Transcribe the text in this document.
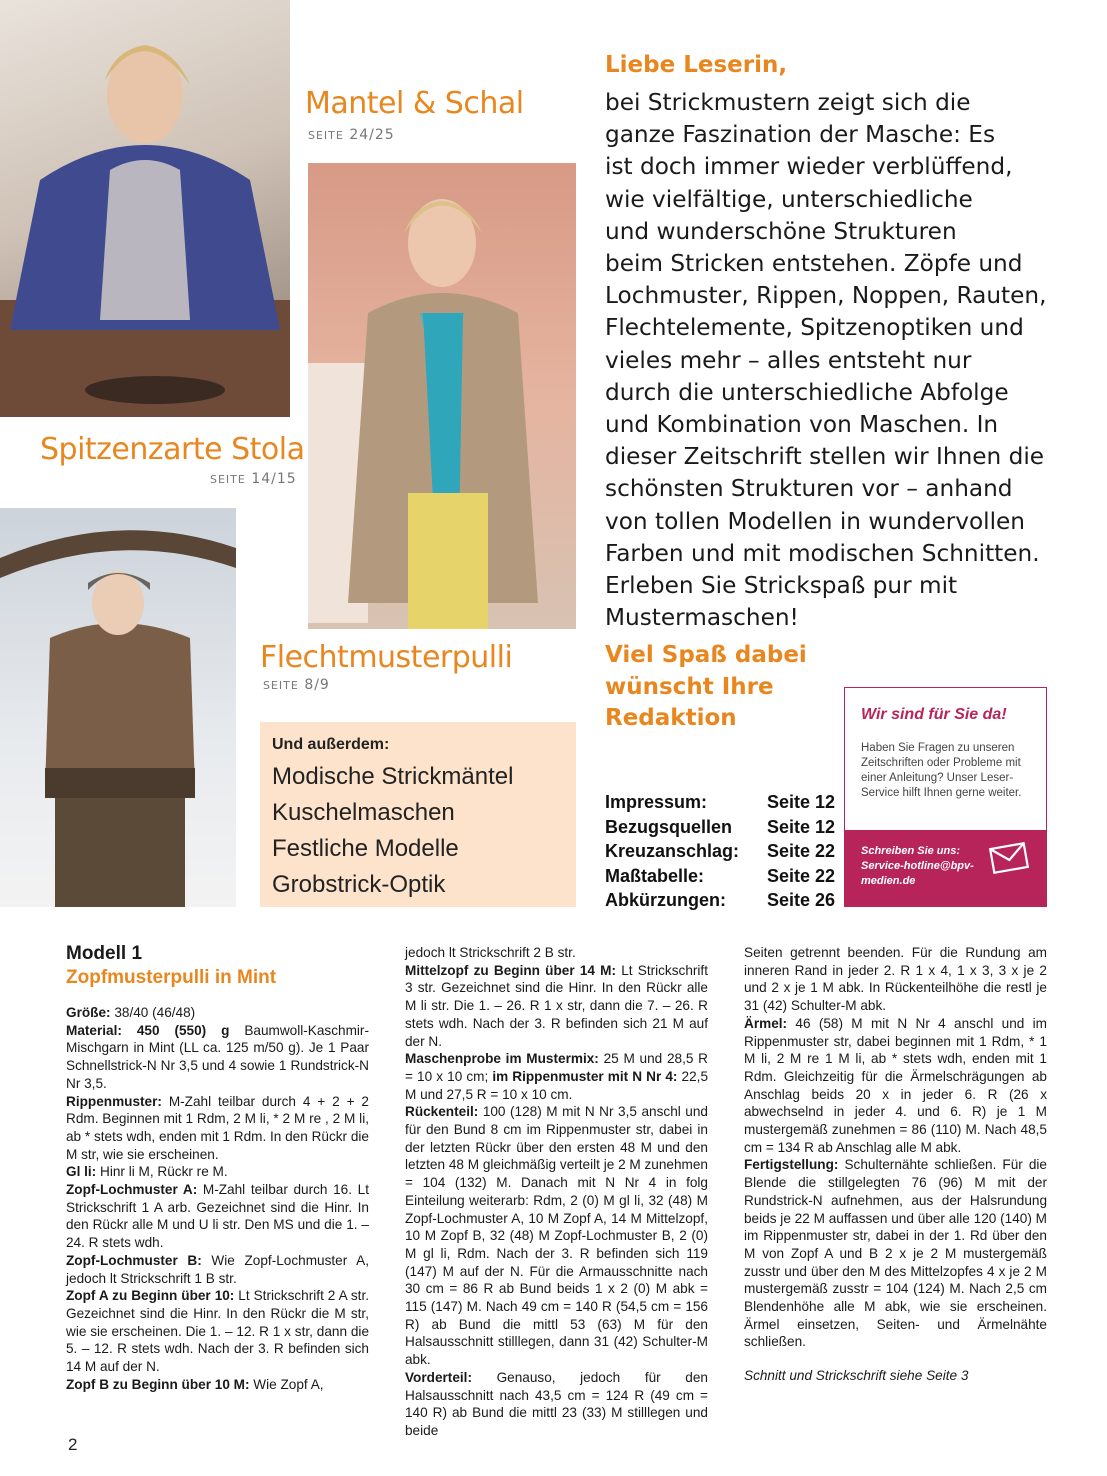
Mantel & Schal
SEITE 24/25
Spitzenzarte Stola
SEITE 14/15
Flechtmusterpulli
SEITE 8/9
Liebe Leserin,
bei Strickmustern zeigt sich die
ganze Faszination der Masche: Es
ist doch immer wieder verblüffend,
wie vielfältige, unterschiedliche
und wunderschöne Strukturen
beim Stricken entstehen. Zöpfe und
Lochmuster, Rippen, Noppen, Rauten,
Flechtelemente, Spitzenoptiken und
vieles mehr – alles entsteht nur
durch die unterschiedliche Abfolge
und Kombination von Maschen. In
dieser Zeitschrift stellen wir Ihnen die
schönsten Strukturen vor – anhand
von tollen Modellen in wundervollen
Farben und mit modischen Schnitten.
Erleben Sie Strickspaß pur mit
Mustermaschen!
Viel Spaß dabei
wünscht Ihre
Redaktion
Und außerdem:
Modische Strickmäntel
Kuschelmaschen
Festliche Modelle
Grobstrick-Optik
Impressum:	Seite 12
Bezugsquellen Seite 12
Kreuzanschlag: Seite 22
Maßtabelle:	Seite 22
Abkürzungen: Seite 26
Wir sind für Sie da!
Haben Sie Fragen zu unseren Zeitschriften oder Probleme mit einer Anleitung? Unser Leser-Service hilft Ihnen gerne weiter.
Schreiben Sie uns:
Service-hotline@bpv-medien.de
Modell 1
Zopfmusterpulli in Mint
Größe: 38/40 (46/48)
Material: 450 (550) g Baumwoll-Kaschmir-Mischgarn in Mint (LL ca. 125 m/50 g). Je 1 Paar Schnellstrick-N Nr 3,5 und 4 sowie 1 Rundstrick-N Nr 3,5.
Rippenmuster: M-Zahl teilbar durch 4 + 2 + 2 Rdm. Beginnen mit 1 Rdm, 2 M li, * 2 M re , 2 M li, ab * stets wdh, enden mit 1 Rdm. In den Rückr die M str, wie sie erscheinen.
Gl li: Hinr li M, Rückr re M.
Zopf-Lochmuster A: M-Zahl teilbar durch 16. Lt Strickschrift 1 A arb. Gezeichnet sind die Hinr. In den Rückr alle M und U li str. Den MS und die 1. – 24. R stets wdh.
Zopf-Lochmuster B: Wie Zopf-Lochmuster A, jedoch lt Strickschrift 1 B str.
Zopf A zu Beginn über 10: Lt Strickschrift 2 A str. Gezeichnet sind die Hinr. In den Rückr die M str, wie sie erscheinen. Die 1. – 12. R 1 x str, dann die 5. – 12. R stets wdh. Nach der 3. R befinden sich 14 M auf der N.
Zopf B zu Beginn über 10 M: Wie Zopf A,
jedoch lt Strickschrift 2 B str.
Mittelzopf zu Beginn über 14 M: Lt Strickschrift 3 str. Gezeichnet sind die Hinr. In den Rückr alle M li str. Die 1. – 26. R 1 x str, dann die 7. – 26. R stets wdh. Nach der 3. R befinden sich 21 M auf der N.
Maschenprobe im Mustermix: 25 M und 28,5 R = 10 x 10 cm; im Rippenmuster mit N Nr 4: 22,5 M und 27,5 R = 10 x 10 cm.
Rückenteil: 100 (128) M mit N Nr 3,5 anschl und für den Bund 8 cm im Rippenmuster str, dabei in der letzten Rückr über den ersten 48 M und den letzten 48 M gleichmäßig verteilt je 2 M zunehmen = 104 (132) M. Danach mit N Nr 4 in folg Einteilung weiterarb: Rdm, 2 (0) M gl li, 32 (48) M Zopf-Lochmuster A, 10 M Zopf A, 14 M Mittelzopf, 10 M Zopf B, 32 (48) M Zopf-Lochmuster B, 2 (0) M gl li, Rdm. Nach der 3. R befinden sich 119 (147) M auf der N. Für die Armausschnitte nach 30 cm = 86 R ab Bund beids 1 x 2 (0) M abk = 115 (147) M. Nach 49 cm = 140 R (54,5 cm = 156 R) ab Bund die mittl 53 (63) M für den Halsausschnitt stilllegen, dann 31 (42) Schulter-M abk.
Vorderteil: Genauso, jedoch für den Halsausschnitt nach 43,5 cm = 124 R (49 cm = 140 R) ab Bund die mittl 23 (33) M stilllegen und beide
Seiten getrennt beenden. Für die Rundung am inneren Rand in jeder 2. R 1 x 4, 1 x 3, 3 x je 2 und 2 x je 1 M abk. In Rückenteilhöhe die restl je 31 (42) Schulter-M abk.
Ärmel: 46 (58) M mit N Nr 4 anschl und im Rippenmuster str, dabei beginnen mit 1 Rdm, * 1 M li, 2 M re 1 M li, ab * stets wdh, enden mit 1 Rdm. Gleichzeitig für die Ärmelschrägungen ab Anschlag beids 20 x in jeder 6. R (26 x abwechselnd in jeder 4. und 6. R) je 1 M mustergemäß zunehmen = 86 (110) M. Nach 48,5 cm = 134 R ab Anschlag alle M abk.
Fertigstellung: Schulternähte schließen. Für die Blende die stillgelegten 76 (96) M mit der Rundstrick-N aufnehmen, aus der Halsrundung beids je 22 M auffassen und über alle 120 (140) M im Rippenmuster str, dabei in der 1. Rd über den M von Zopf A und B 2 x je 2 M mustergemäß zusstr und über den M des Mittelzopfes 4 x je 2 M mustergemäß zusstr = 104 (124) M. Nach 2,5 cm Blendenhöhe alle M abk, wie sie erscheinen. Ärmel einsetzen, Seiten- und Ärmelnähte schließen.
Schnitt und Strickschrift siehe Seite 3
2
